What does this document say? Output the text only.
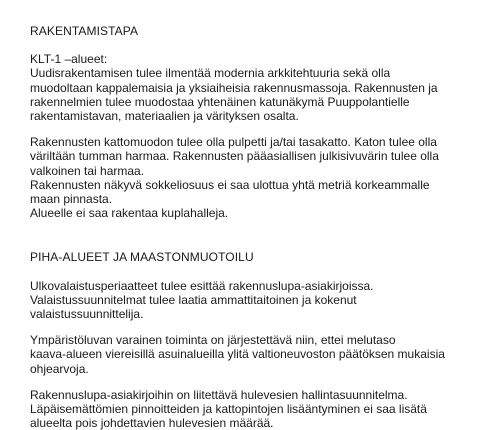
RAKENTAMISTAPA

KLT-1 –alueet:

Uudisrakentamisen tulee ilmentää modernia arkkitehtuuria sekä olla
muodoltaan kappalemaisia ja yksiaiheisia rakennusmassoja. Rakennusten ja
rakennelmien tulee muodostaa yhtenäinen katunäkymä Puuppolantielle
rakentamistavan, materiaalien ja värityksen osalta.

Rakennusten kattomuodon tulee olla pulpetti ja/tai tasakatto. Katon tulee olla
väriltään tumman harmaa. Rakennusten pääasiallisen julkisivuvärin tulee olla
valkoinen tai harmaa.

Rakennusten näkyvä sokkeliosuus ei saa ulottua yhtä metriä korkeammalle
maan pinnasta.

Alueelle ei saa rakentaa kuplahalleja.

PIHA-ALUEET JA MAASTONMUOTOILU

Ulkovalaistusperiaatteet tulee esittää rakennuslupa-asiakirjoissa.
Valaistussuunnitelmat tulee laatia ammattitaitoinen ja kokenut
valaistussuunnittelija.

Ympäristöluvan varainen toiminta on järjestettävä niin, ettei melutaso
kaava-alueen viereisillä asuinalueilla ylitä valtioneuvoston päätöksen mukaisia
ohjearvoja.

Rakennuslupa-asiakirjoihin on liitettävä hulevesien hallintasuunnitelma.
Läpäisemättömien pinnoitteiden ja kattopintojen lisääntyminen ei saa lisätä
alueelta pois johdettavien hulevesien määrää.
